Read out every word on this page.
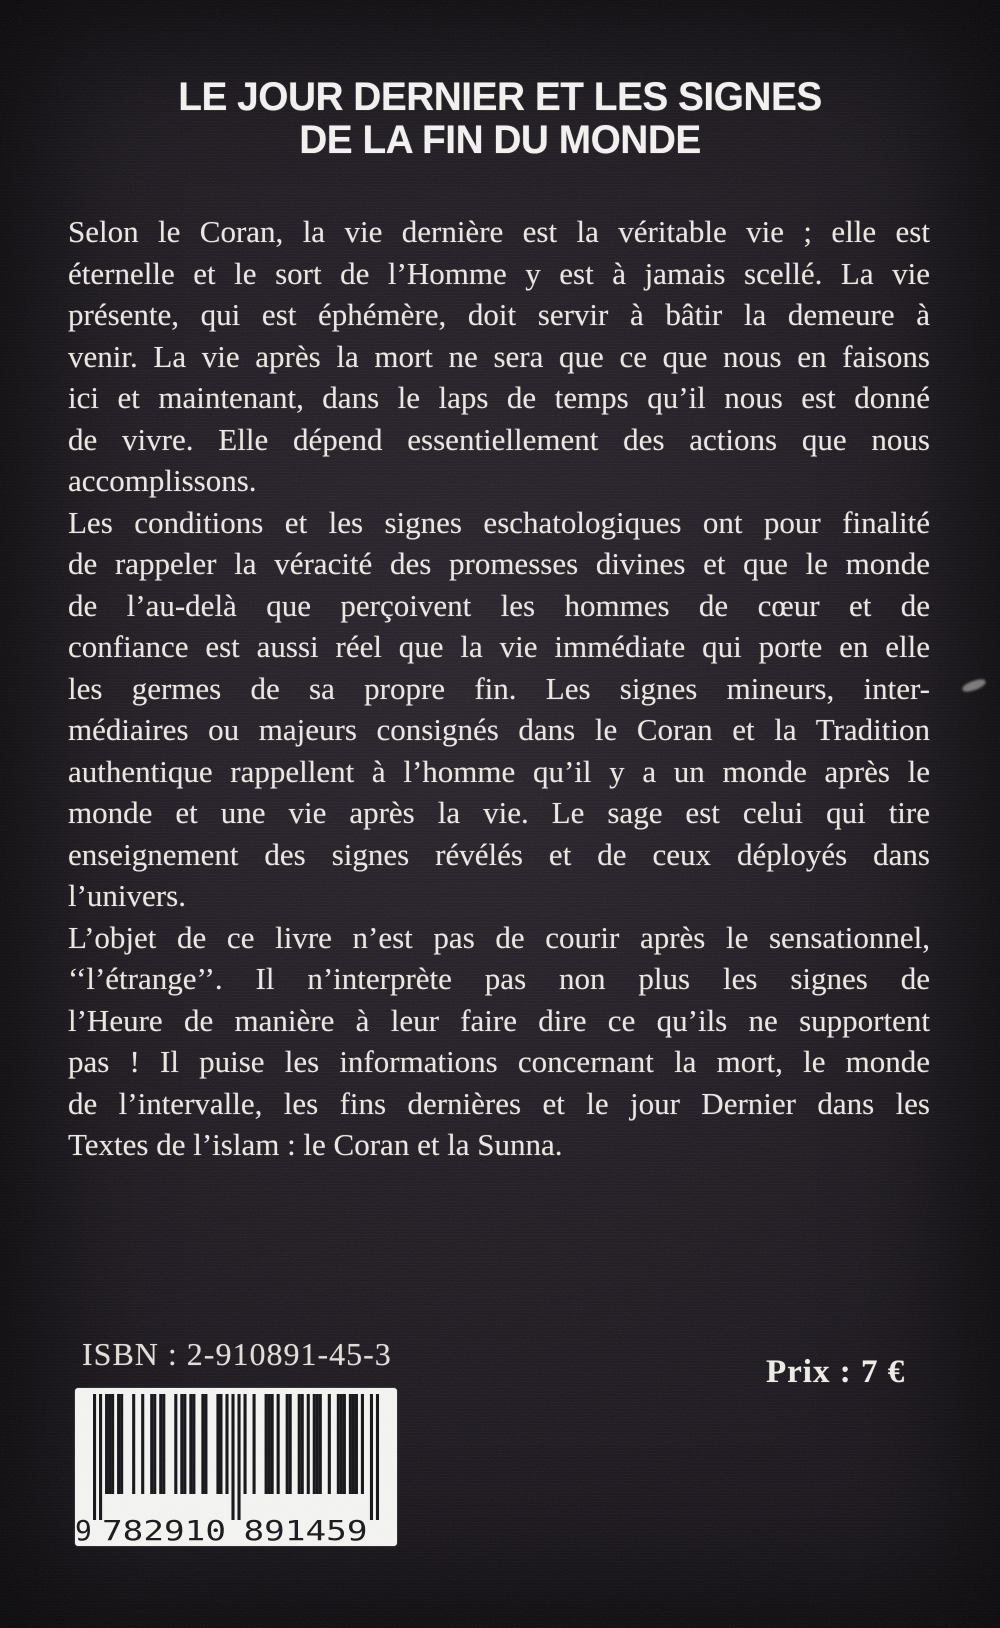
LE JOUR DERNIER ET LES SIGNES
DE LA FIN DU MONDE
Selon le Coran, la vie dernière est la véritable vie ; elle est
éternelle et le sort de l’Homme y est à jamais scellé. La vie
présente, qui est éphémère, doit servir à bâtir la demeure à
venir. La vie après la mort ne sera que ce que nous en faisons
ici et maintenant, dans le laps de temps qu’il nous est donné
de vivre. Elle dépend essentiellement des actions que nous
accomplissons.
Les conditions et les signes eschatologiques ont pour finalité
de rappeler la véracité des promesses divines et que le monde
de l’au-delà que perçoivent les hommes de cœur et de
confiance est aussi réel que la vie immédiate qui porte en elle
les germes de sa propre fin. Les signes mineurs, inter-
médiaires ou majeurs consignés dans le Coran et la Tradition
authentique rappellent à l’homme qu’il y a un monde après le
monde et une vie après la vie. Le sage est celui qui tire
enseignement des signes révélés et de ceux déployés dans
l’univers.
L’objet de ce livre n’est pas de courir après le sensationnel,
‘‘l’étrange’’. Il n’interprète pas non plus les signes de
l’Heure de manière à leur faire dire ce qu’ils ne supportent
pas ! Il puise les informations concernant la mort, le monde
de l’intervalle, les fins dernières et le jour Dernier dans les
Textes de l’islam : le Coran et la Sunna.
ISBN : 2-910891-45-3	Prix : 7 €
9 782910 891459
